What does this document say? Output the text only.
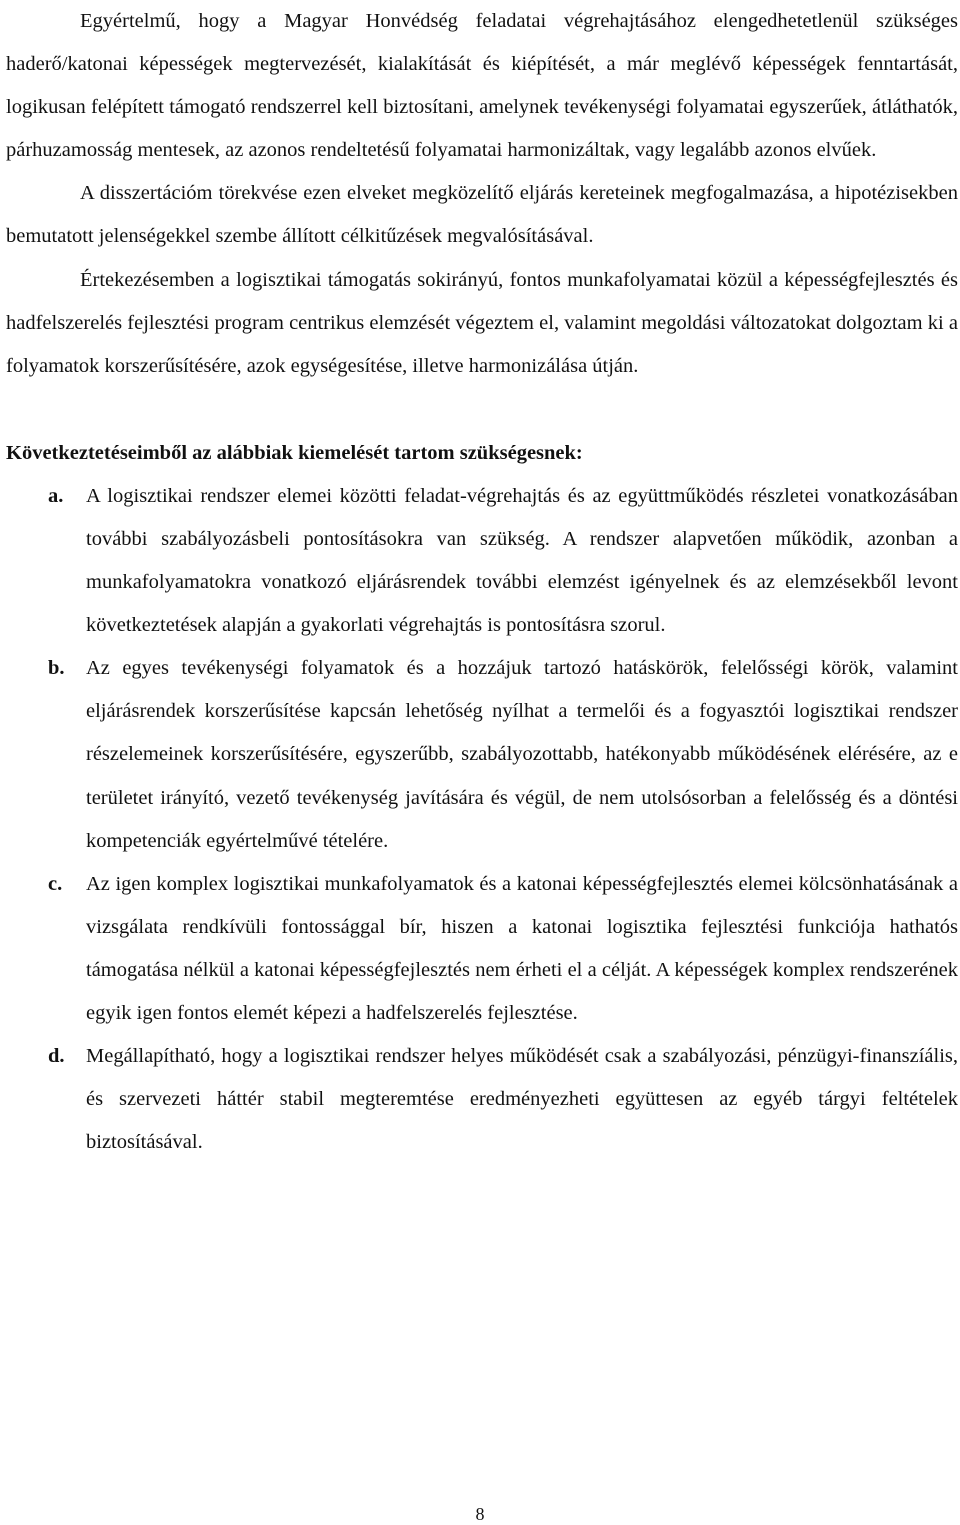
Egyértelmű, hogy a Magyar Honvédség feladatai végrehajtásához elengedhetetlenül szükséges haderő/katonai képességek megtervezését, kialakítását és kiépítését, a már meglévő képességek fenntartását, logikusan felépített támogató rendszerrel kell biztosítani, amelynek tevékenységi folyamatai egyszerűek, átláthatók, párhuzamosság mentesek, az azonos rendeltetésű folyamatai harmonizáltak, vagy legalább azonos elvűek.

A disszertációm törekvése ezen elveket megközelítő eljárás kereteinek megfogalmazása, a hipotézisekben bemutatott jelenségekkel szembe állított célkitűzések megvalósításával.

Értekezésemben a logisztikai támogatás sokirányú, fontos munkafolyamatai közül a képességfejlesztés és hadfelszerelés fejlesztési program centrikus elemzését végeztem el, valamint megoldási változatokat dolgoztam ki a folyamatok korszerűsítésére, azok egységesítése, illetve harmonizálása útján.

Következtetéseimből az alábbiak kiemelését tartom szükségesnek:
a. A logisztikai rendszer elemei közötti feladat-végrehajtás és az együttműködés részletei vonatkozásában további szabályozásbeli pontosításokra van szükség. A rendszer alapvetően működik, azonban a munkafolyamatokra vonatkozó eljárásrendek további elemzést igényelnek és az elemzésekből levont következtetések alapján a gyakorlati végrehajtás is pontosításra szorul.
b. Az egyes tevékenységi folyamatok és a hozzájuk tartozó hatáskörök, felelősségi körök, valamint eljárásrendek korszerűsítése kapcsán lehetőség nyílhat a termelői és a fogyasztói logisztikai rendszer részelemeinek korszerűsítésére, egyszerűbb, szabályozottabb, hatékonyabb működésének elérésére, az e területet irányító, vezető tevékenység javítására és végül, de nem utolsósorban a felelősség és a döntési kompetenciák egyértelművé tételére.
c. Az igen komplex logisztikai munkafolyamatok és a katonai képességfejlesztés elemei kölcsönhatásának a vizsgálata rendkívüli fontossággal bír, hiszen a katonai logisztika fejlesztési funkciója hathatós támogatása nélkül a katonai képességfejlesztés nem érheti el a célját. A képességek komplex rendszerének egyik igen fontos elemét képezi a hadfelszerelés fejlesztése.
d. Megállapítható, hogy a logisztikai rendszer helyes működését csak a szabályozási, pénzügyi-finanszíális, és szervezeti háttér stabil megteremtése eredményezheti együttesen az egyéb tárgyi feltételek biztosításával.
8
